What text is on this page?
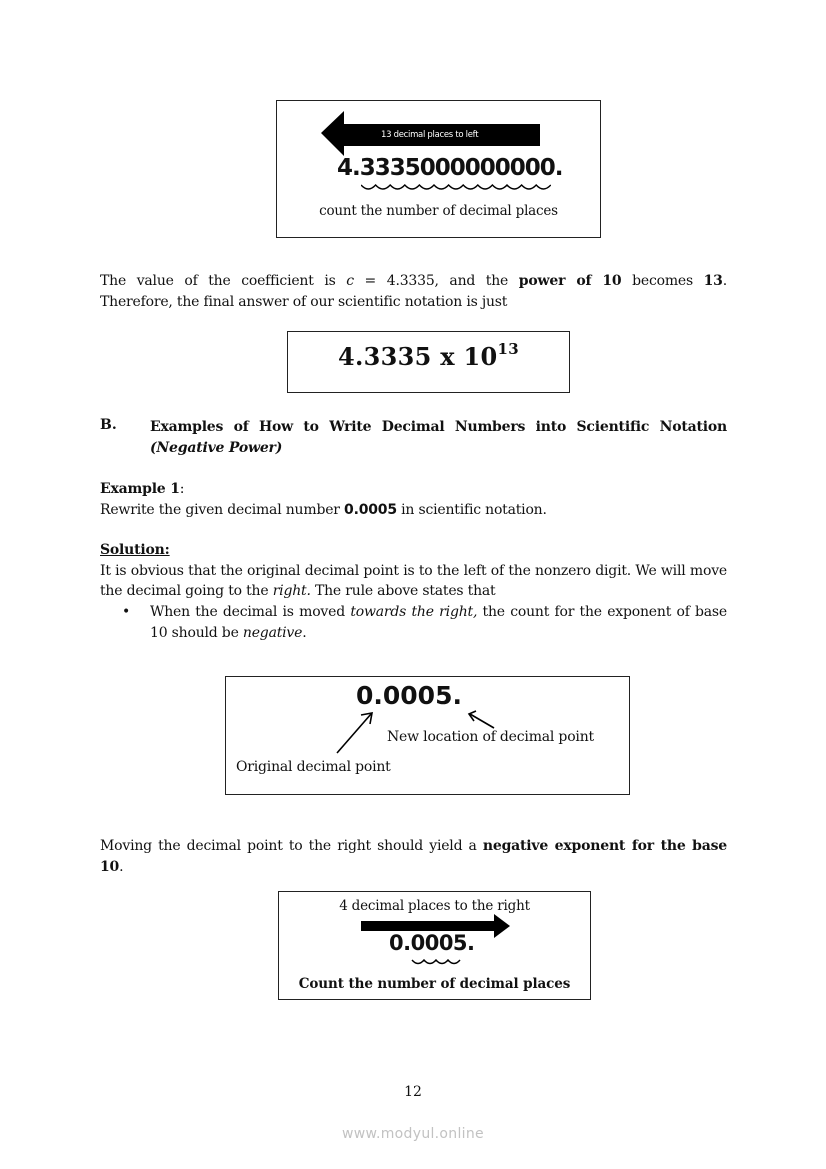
13 decimal places to left
4.3335000000000.
count the number of decimal places

The value of the coefficient is c = 4.3335, and the power of 10 becomes 13.

Therefore, the final answer of our scientific notation is just

4.3335 x $10^{13}$
B. Examples of How to Write Decimal Numbers into Scientific Notation
(Negative Power)

Example 1:

Rewrite the given decimal number 0.0005 in scientific notation.

Solution:

It is obvious that the original decimal point is to the left of the nonzero digit. We will move the decimal going to the right. The rule above states that

• When the decimal is moved towards the right, the count for the exponent of base 10 should be negative.
0.0005.
New location of decimal point
Original decimal point

Moving the decimal point to the right should yield a negative exponent for the base 10.

4 decimal places to the right
0.0005.
Count the number of decimal places
12
www.modyul.online
